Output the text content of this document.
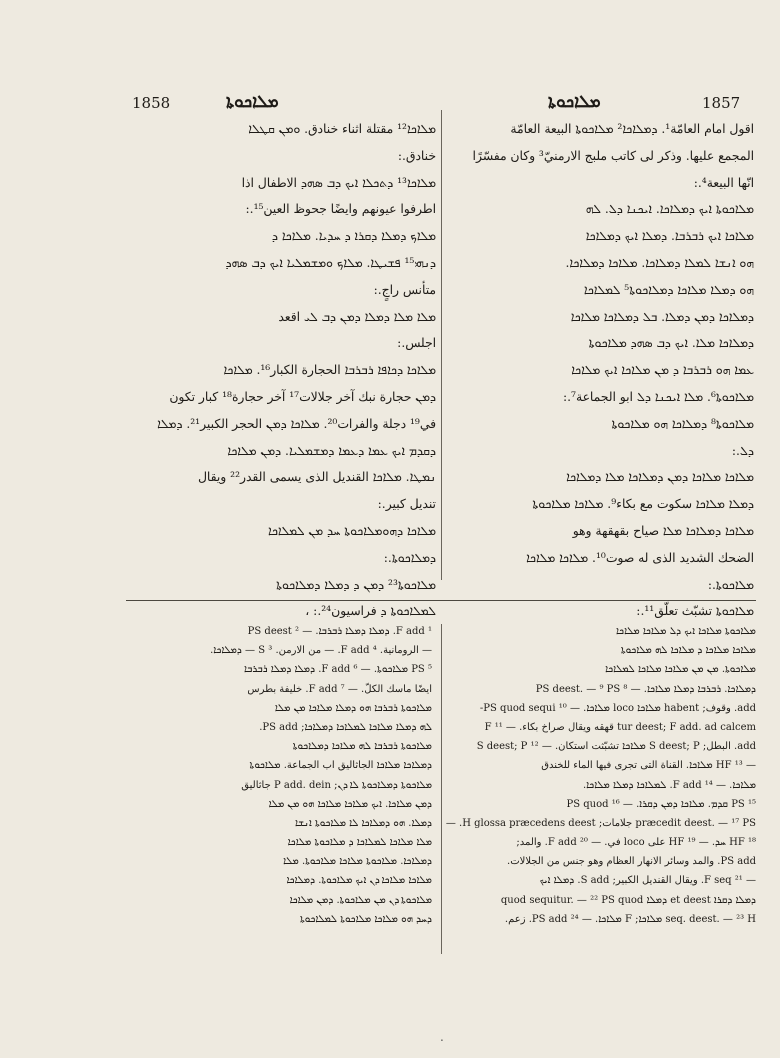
1858	ܡܠܐܟܘܬܐ	ܡܠܐܟܘܬܐ	1857
ܡܠܐܟܐ¹² مقتلة اثناء خنادق. ܘܡܢ ܩܛܠܐ
خنادق.:
ܡܠܐܟܐ¹³ ܕܬܟܠܐ ܐܝܟ ܕܒ ܣܗܕ الاطفال اذا
اطرفوا عيونهم وايضًا جحوظ العين¹⁵.:
ܡܠܐܟ ܕܡܠܐ ܕܩܪܐ ܕ ܚܕܝܐ. ܡܠܐܟܐ ܕ
ܕܢܗܝ¹⁵ ܦܫܝܛܐ. ܡܠܐܟ ܘܡܫܡܠܝܐ ܐܝܟ ܕܒ ܣܗܕ
متأنس راجٍ.:
ܡܠܐ ܡܠܐ ܕܡܠܐ ܕܡܢ ܕܒ ܠܝ اقعد
اجلس.:
ܡܠܐܟܐ ܕܟܐܦܐ ܪܒܪܒܐ الحجارة الكبار¹⁶. ܡܠܐܟܐ
ܕܡܢ حجارة نبك آخر جلالات¹⁷ آخر حجارة¹⁸ كبار تكون
في¹⁹ دجلة والفرات²⁰. ܡܠܐܟܐ ܕܡܢ الحجر الكبير²¹. ܕܡܠܐ
ܕܩܕܡ ܐܝܟ ܥܡܐ ܕܥܡܐ ܕܡܫܡܠܝܐ. ܕܡܢ ܡܠܐܟܐ
ܢܡܛܐ. ܡܠܐܟܐ القنديل الذى يسمى القدر²² ويقال
تنديل كبير.:
ܡܠܐܟܐ ܕܗܘܡܠܐܟܘܬܐ ܚܕ ܡܢ ܠܡܠܐܟܐ
ܕܡܠܐܟܘܬܐ.:
ܡܠܐܟܘܬܐ²³ ܕܡܢ ܕ ܕܡܠܐ ܕܡܠܐܟܘܬܐ
ܠܡܠܐܟܘܬܐ ܕ فراسيون²⁴.: ،
اقول امام العامّة¹. ܕܡܠܐܟܐ² ܡܠܐܟܘܬܐ البيعة العامّة
المجمع عليها. وذكر لى كاتب ملبج الارمنيّ³ وكان مفسّرًا
انّها البيعة⁴.:
ܡܠܐܟܘܬܐ ܐܝܟ ܕܡܠܐܟܐ. ܐܝܟܢܐ ܕܠ. ܠܗ
ܡܠܐܟܐ ܐܝܟ ܪܒܪܒܐ. ܕܡܠܐ ܐܝܟ ܕܡܠܐܟܐ
ܗܘ ܐܢܫܐ ܠܡܠܐ ܕܡܠܐܟܐ. ܡܠܐܟܐ ܕܡܠܐܟܐ.
ܗܘ ܕܡܠܐ ܡܠܐܟܐ ܕܡܠܐܟܘܬܐ⁵ ܠܡܠܐܟܐ
ܕܡܠܐܟܐ ܕܡܢ ܕܡܠܐ. ܒܠ ܕܡܠܐܟܐ ܡܠܐܟܐ
ܕܡܠܐܟܐ ܡܠܐ. ܐܝܟ ܕܒ ܣܗܕ ܡܠܐܟܘܬܐ
ܥܡܐ ܗܘ ܪܒܪܒܐ ܕ ܡܢ ܡܠܐܟܐ ܐܝܟ ܡܠܐܟܐ
ܡܠܐܟܘܬܐ⁶. ܡܠܐ ܐܝܟܢܐ ܕܠ ابو الجماعة⁷.:
ܡܠܐܟܘܬܐ⁸ ܕܡܠܐܟܐ ܗܘ ܡܠܐܟܘܬܐ
ܕܠ.:
ܡܠܐܟܐ ܡܠܐܟܐ ܕܡܢ ܕܡܠܐܟܐ ܡܠܐ ܕܡܠܐܟܐ
ܕܡܠܐ ܡܠܐܟܐ سكوت مع بكاء⁹. ܡܠܐܟܐ ܡܠܐܟܘܬܐ
ܡܠܐܟܐ ܕܡܠܐܟܐ ܡܠܐ صياح بقهقهة وهو
الضحك الشديد الذى له صوت¹⁰. ܡܠܐܟܐ ܡܠܐܟܐ
ܡܠܐܟܘܬܐ.:
ܡܠܐܟܘܬܐ تشبّث تعلّق¹¹.:
¹ F add. ܕܡܠܐ ܕܡܠܐ ܪܒܪܒܐ. — ² PS deest
— الرومانية. ⁴ F add. — من الارمن. ³ S — ܕܡܠܐܟܐ.
⁵ PS ܡܠܐܟܘܬܐ. — ⁶ F add. ܕܡܠܐ ܕܡܠܐ ܪܒܪܒܐ
ايضًا ماسك الكلّ. — ⁷ F add. خليفة بطرس
ܡܠܐܟܘܬܐ ܪܒܪܒܐ ܗܘ ܕܡܠܐ ܡܠܐܟܐ ܡܢ ܡܠܐ
ܠܗ ܕܡܠܐ ܡܠܐܟܐ ܠܡܠܐܟܐ ܕܡܠܐܟܐ; PS add.
ܡܠܐܟܘܬܐ ܪܒܪܒܐ ܠܗ ܡܠܐܟܐ ܕܡܠܐܟܘܬܐ
ܕܡܠܐܟܐ ܡܠܐܟܐ الجاثاليق اب الجماعة. ܡܠܐܟܘܬܐ
ܡܠܐܟܘܬܐ ܕܡܠܐܟܘܬܐ ܠܐ ܕܢ; P add. dein جاثاليق
ܕܡܢ ܡܠܐܟܐ. ܐܝܟ ܡܠܐܟܐ ܡܠܐܟܐ ܗܘ ܡܢ ܡܠܐ
ܕܡܠܐ. ܗܘ ܕܡܠܐܟܐ ܠܐ ܡܠܐܟܘܬܐ ܐܢܫܐ
ܡܠܐ ܡܠܐܟܐ ܠܡܠܐܟܐ ܕ ܡܠܐܟܘܬܐ ܡܠܐܟܐ
ܕܡܠܐܟܐ. ܡܠܐܟܘܬܐ ܡܠܐܟܐ ܡܠܐܟܘܬܐ. ܡܠܐ
ܡܠܐܟܐ ܡܠܐܟܐ ܕܢ ܐܝܟ ܡܠܐܟܘܬܐ. ܕܡܠܐܟܐ
ܡܠܐܟܘܬܐ ܕܢ ܡܢ ܡܠܐܟܘܬܐ. ܕܡܢ ܡܠܐܟܐ
ܕܚܕ ܗܘ ܡܠܐܟܐ ܡܠܐܟܘܬܐ ܠܡܠܐܟܘܬܐ
ܡܠܐܟܘܬܐ ܡܠܐܟܐ ܐܝܟ ܕܠ ܡܠܐܟܐ ܡܠܐܟܐ
ܡܠܐܟܐ ܡܠܐܟܐ ܕ ܡܠܐܟܐ ܠܗ ܡܠܐܟܘܬܐ
ܡܠܐܟܘܬܐ. ܡܢ ܡܢ ܡܠܐܟܐ ܡܠܐܟܐ ܠܡܠܐܟܐ
ܕܡܠܐܟܐ. ܪܒܪܒܐ ܕܡܠܐ ܡܠܐܟܐ. — ⁸ PS deest. — ⁹ PS
add. وقوف; habent ܡܠܐܟܐ loco ܡܠܐܟܐ. — ¹⁰ PS quod sequi-
tur deest; F add. ad calcem قهقه ويقال صراخ بكاء. — ¹¹ F
add. البطل; S deest; P ܡܠܐܟܐ تشبّثت استكان. — ¹² S deest; P
— ¹³ HF ܡܠܐܟܐ. القناة التى تجرى فيها الماء للخندق
ܡܠܐܟܐ. — ¹⁴ F add. ܠܡܠܐܟܐ ܕܡܠܐ ܡܠܐܟܐ.
¹⁵ PS ܩܕܡ. ܡܠܐܟܐ ܕܡܢ ܕܩܪܐ. — ¹⁶ PS quod
præcedit deest. — ¹⁷ PS جلامات; H glossa præcedens deest. —
¹⁸ HF ܚܕ. — ¹⁹ HF على loco في. — ²⁰ F add. والمد;
PS add. والمد وسائر الانهار العظام وهو جنس من الجلالات.
— ²¹ F seq. ويقال القنديل الكبير; S add. ܕܡܠܐ ܐܝܟ
ܕܡܠܐ ܕܩܪܐ et deest ܕܡܠܐ quod sequitur. — ²² PS quod
seq. deest. — ²³ H ܡܠܐܟܐ; F ܡܠܐܟܐ. — ²⁴ PS add. زعم.
.
